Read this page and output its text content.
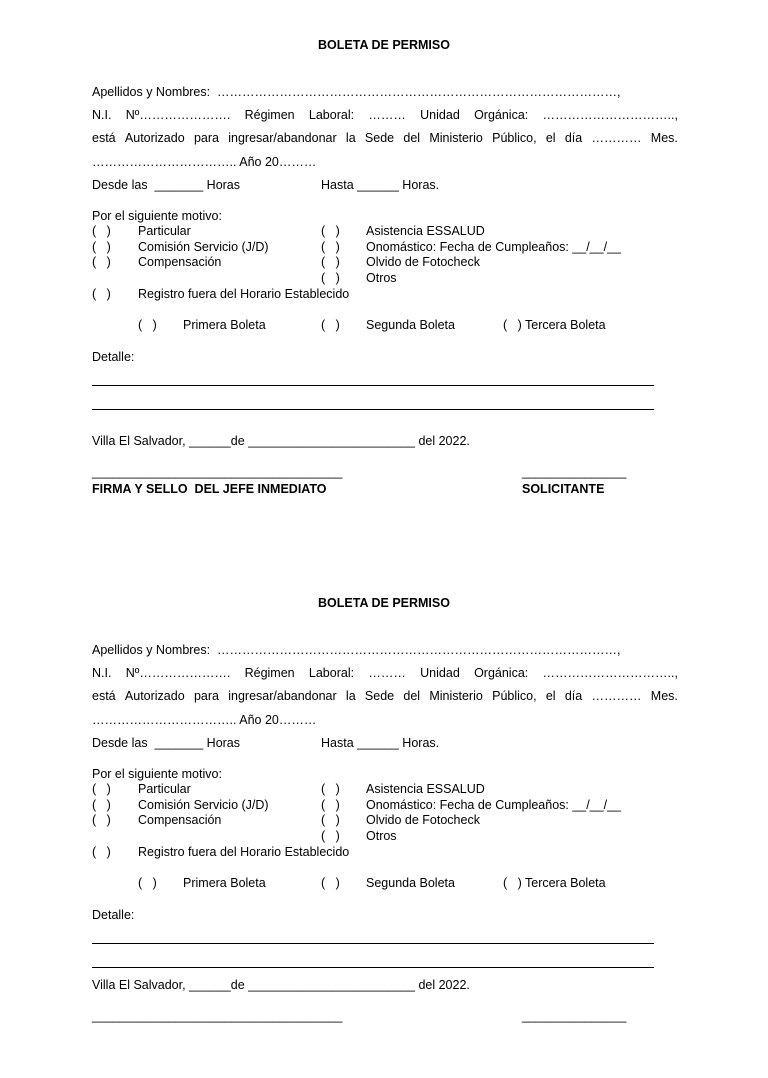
BOLETA DE PERMISO
Apellidos y Nombres:  ……………………………………………………………………………………,
N.I. Nº…………………. Régimen Laboral: ……… Unidad Orgánica: …………………………..,
está Autorizado para ingresar/abandonar la Sede del Ministerio Público, el día ………… Mes.
…………………………….. Año 20………
Desde las  _______ Horas	Hasta ______ Horas.
Por el siguiente motivo:
(   ) Particular
(   ) Comisión Servicio (J/D)
(   ) Compensación
(   ) Asistencia ESSALUD
(   ) Onomástico: Fecha de Cumpleaños: __/__/__
(   ) Olvido de Fotocheck
(   ) Otros
(   ) Registro fuera del Horario Establecido
(   ) Primera Boleta	(   ) Segunda Boleta	(   ) Tercera Boleta
Detalle:
Villa El Salvador, ______de ________________________ del 2022.
____________________________________	_______________
FIRMA Y SELLO  DEL JEFE INMEDIATO	SOLICITANTE
BOLETA DE PERMISO
Apellidos y Nombres:  ……………………………………………………………………………………,
N.I. Nº…………………. Régimen Laboral: ……… Unidad Orgánica: …………………………..,
está Autorizado para ingresar/abandonar la Sede del Ministerio Público, el día ………… Mes.
…………………………….. Año 20………
Desde las  _______ Horas	Hasta ______ Horas.
Por el siguiente motivo:
(   ) Particular
(   ) Comisión Servicio (J/D)
(   ) Compensación
(   ) Asistencia ESSALUD
(   ) Onomástico: Fecha de Cumpleaños: __/__/__
(   ) Olvido de Fotocheck
(   ) Otros
(   ) Registro fuera del Horario Establecido
(   ) Primera Boleta	(   ) Segunda Boleta	(   ) Tercera Boleta
Detalle:
Villa El Salvador, ______de ________________________ del 2022.
____________________________________	_______________
